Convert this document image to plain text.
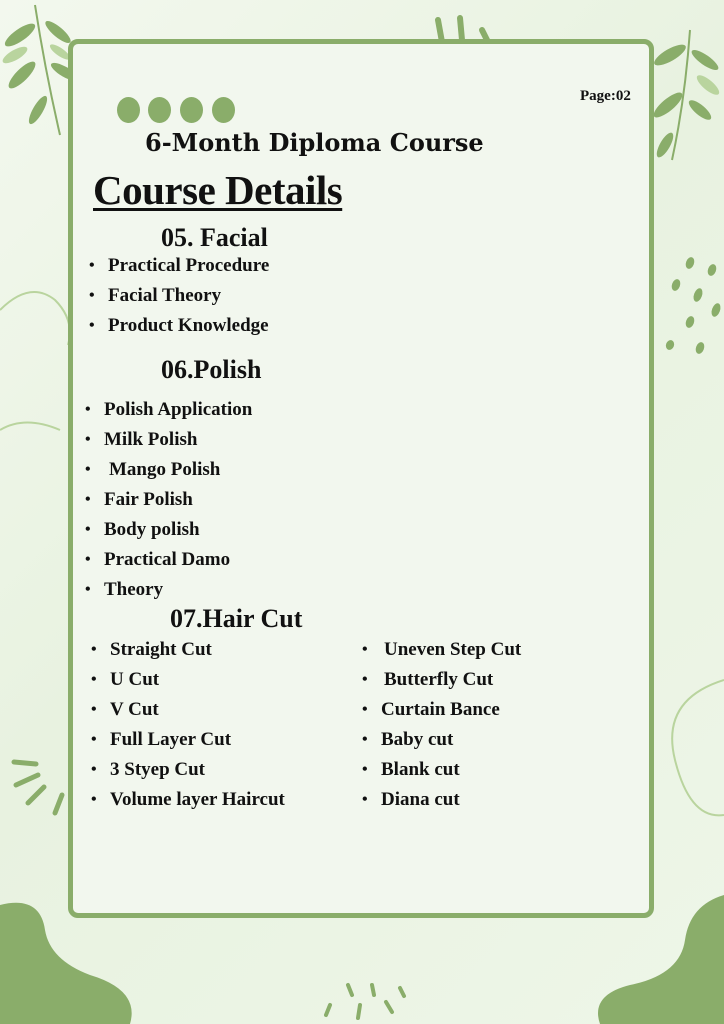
Page:02
6-Month Diploma Course
Course Details
05. Facial
• Practical Procedure
• Facial Theory
• Product Knowledge
06.Polish
• Polish Application
• Milk Polish
• Mango Polish
• Fair Polish
• Body polish
• Practical Damo
• Theory
07.Hair Cut
• Straight Cut
• U Cut
• V Cut
• Full Layer Cut
• 3 Styep Cut
• Volume layer Haircut
• Uneven Step Cut
• Butterfly Cut
• Curtain Bance
• Baby cut
• Blank cut
• Diana cut
